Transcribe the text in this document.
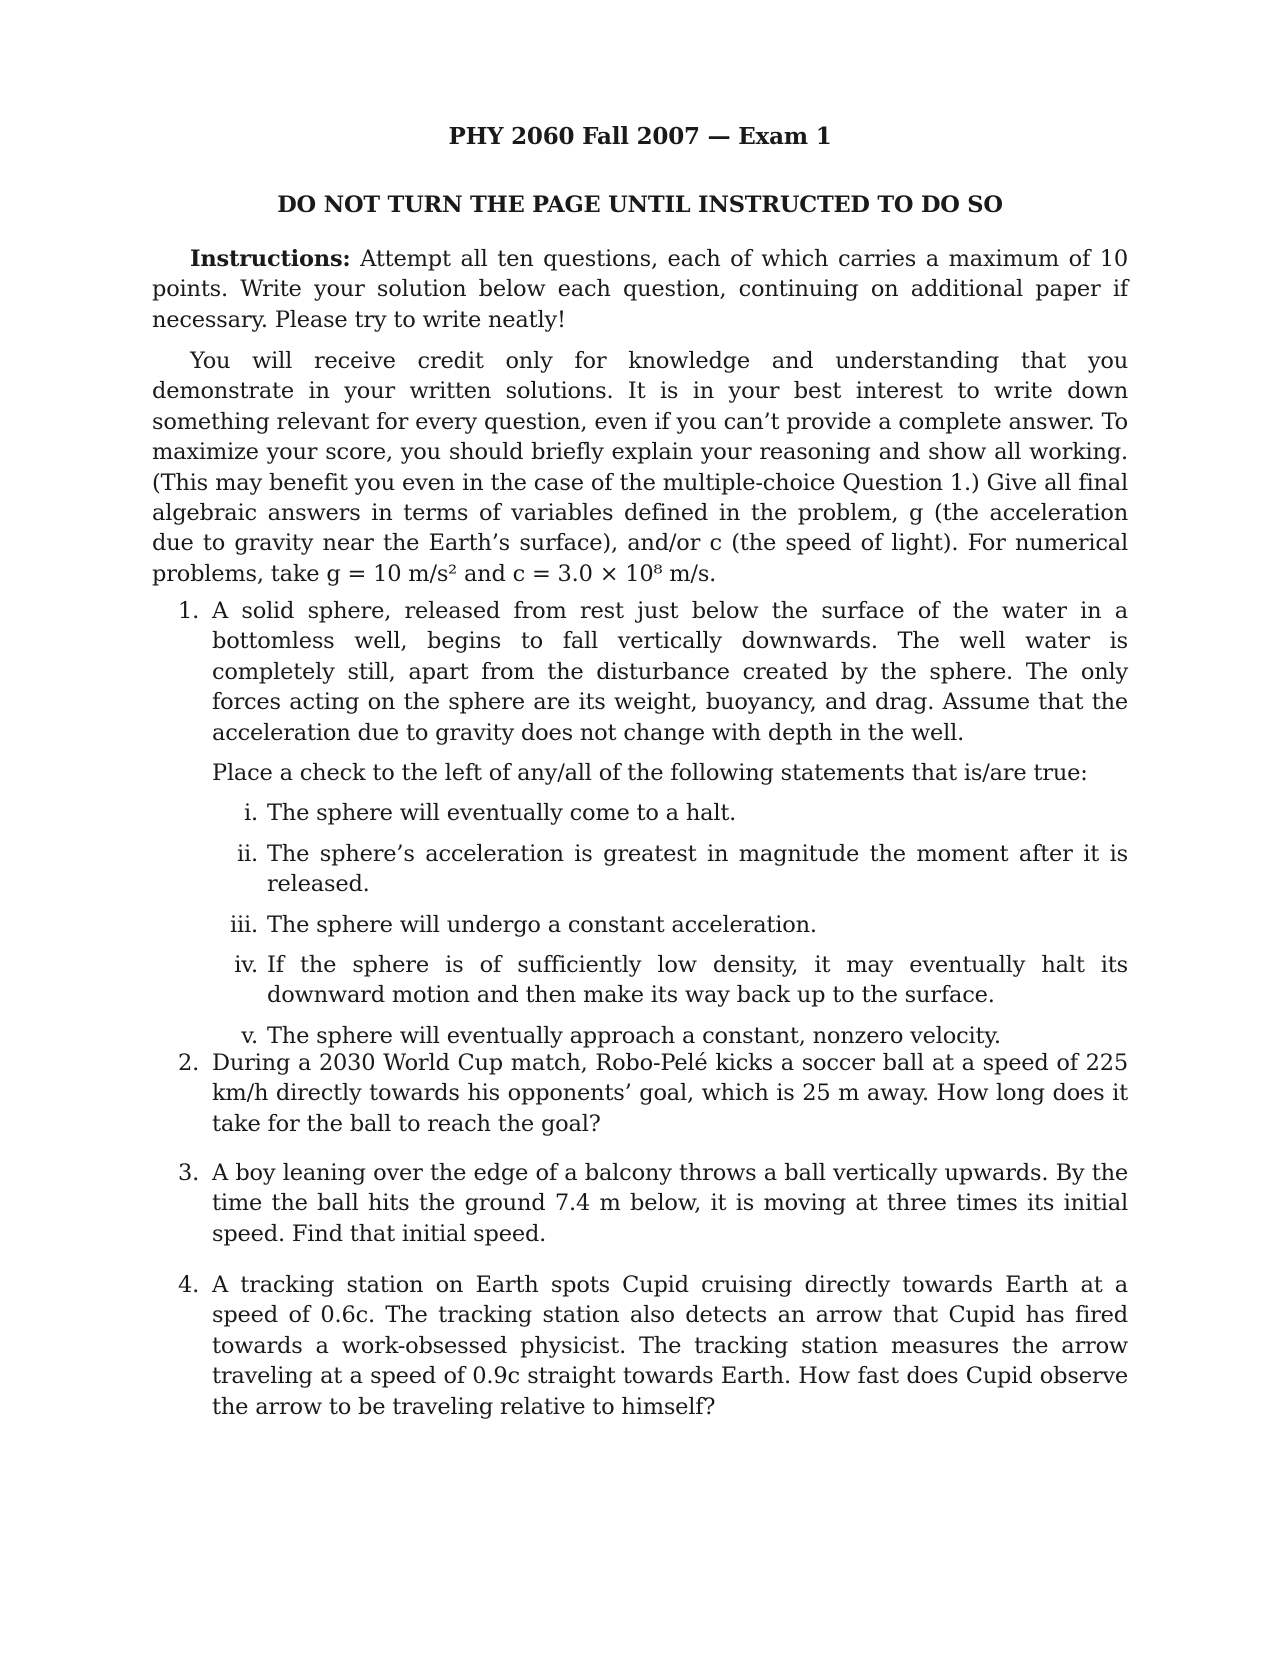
PHY 2060 Fall 2007 — Exam 1
DO NOT TURN THE PAGE UNTIL INSTRUCTED TO DO SO

Instructions: Attempt all ten questions, each of which carries a maximum of 10 points. Write your solution below each question, continuing on additional paper if necessary. Please try to write neatly!

You will receive credit only for knowledge and understanding that you demonstrate in your written solutions. It is in your best interest to write down something relevant for every question, even if you can’t provide a complete answer. To maximize your score, you should briefly explain your reasoning and show all working. (This may benefit you even in the case of the multiple-choice Question 1.) Give all final algebraic answers in terms of variables defined in the problem, g (the acceleration due to gravity near the Earth’s surface), and/or c (the speed of light). For numerical problems, take g = 10 m/s² and c = 3.0 × 10⁸ m/s.

1. A solid sphere, released from rest just below the surface of the water in a bottomless well, begins to fall vertically downwards. The well water is completely still, apart from the disturbance created by the sphere. The only forces acting on the sphere are its weight, buoyancy, and drag. Assume that the acceleration due to gravity does not change with depth in the well.
Place a check to the left of any/all of the following statements that is/are true:
i. The sphere will eventually come to a halt.
ii. The sphere’s acceleration is greatest in magnitude the moment after it is released.
iii. The sphere will undergo a constant acceleration.
iv. If the sphere is of sufficiently low density, it may eventually halt its downward motion and then make its way back up to the surface.
v. The sphere will eventually approach a constant, nonzero velocity.
2. During a 2030 World Cup match, Robo-Pelé kicks a soccer ball at a speed of 225 km/h directly towards his opponents’ goal, which is 25 m away. How long does it take for the ball to reach the goal?
3. A boy leaning over the edge of a balcony throws a ball vertically upwards. By the time the ball hits the ground 7.4 m below, it is moving at three times its initial speed. Find that initial speed.
4. A tracking station on Earth spots Cupid cruising directly towards Earth at a speed of 0.6c. The tracking station also detects an arrow that Cupid has fired towards a work-obsessed physicist. The tracking station measures the arrow traveling at a speed of 0.9c straight towards Earth. How fast does Cupid observe the arrow to be traveling relative to himself?
